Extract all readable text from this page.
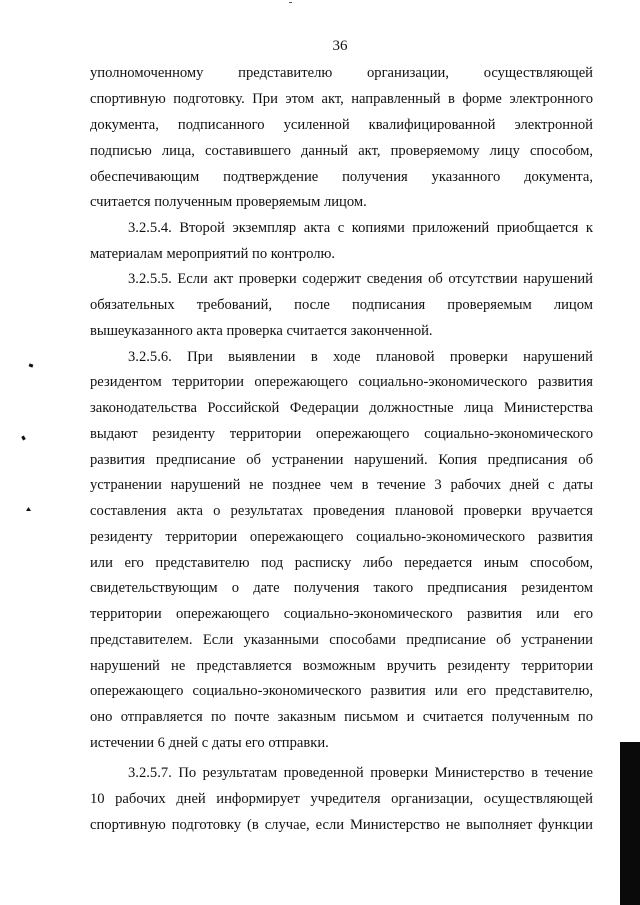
36
уполномоченному представителю организации, осуществляющей
спортивную подготовку. При этом акт, направленный в форме электронного
документа, подписанного усиленной квалифицированной электронной
подписью лица, составившего данный акт, проверяемому лицу способом,
обеспечивающим подтверждение получения указанного документа,
считается полученным проверяемым лицом.
3.2.5.4. Второй экземпляр акта с копиями приложений приобщается к
материалам мероприятий по контролю.
3.2.5.5. Если акт проверки содержит сведения об отсутствии нарушений
обязательных требований, после подписания проверяемым лицом
вышеуказанного акта проверка считается законченной.
3.2.5.6. При выявлении в ходе плановой проверки нарушений
резидентом территории опережающего социально-экономического развития
законодательства Российской Федерации должностные лица Министерства
выдают резиденту территории опережающего социально-экономического
развития предписание об устранении нарушений. Копия предписания об
устранении нарушений не позднее чем в течение 3 рабочих дней с даты
составления акта о результатах проведения плановой проверки вручается
резиденту территории опережающего социально-экономического развития
или его представителю под расписку либо передается иным способом,
свидетельствующим о дате получения такого предписания резидентом
территории опережающего социально-экономического развития или его
представителем. Если указанными способами предписание об устранении
нарушений не представляется возможным вручить резиденту территории
опережающего социально-экономического развития или его представителю,
оно отправляется по почте заказным письмом и считается полученным по
истечении 6 дней с даты его отправки.
3.2.5.7. По результатам проведенной проверки Министерство в течение
10 рабочих дней информирует учредителя организации, осуществляющей
спортивную подготовку (в случае, если Министерство не выполняет функции
